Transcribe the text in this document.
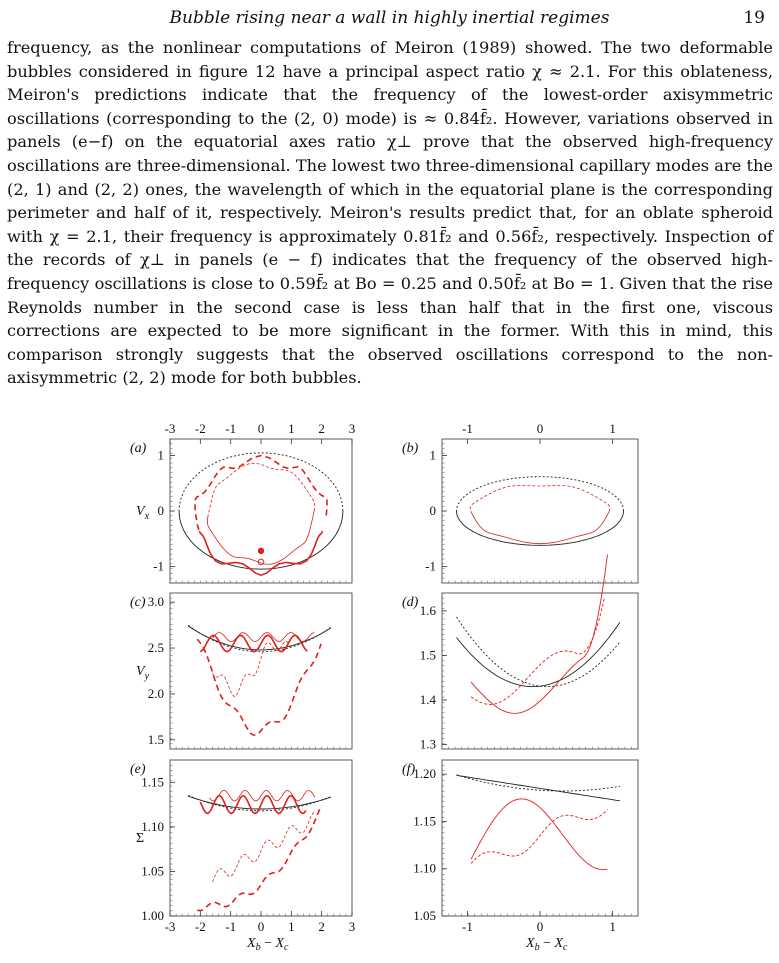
Bubble rising near a wall in highly inertial regimes	19

frequency, as the nonlinear computations of Meiron (1989) showed. The two deformable bubbles considered in figure 12 have a principal aspect ratio χ ≈ 2.1. For this oblateness, Meiron's predictions indicate that the frequency of the lowest-order axisymmetric oscillations (corresponding to the (2, 0) mode) is ≈ 0.84f̄₂. However, variations observed in panels (e−f) on the equatorial axes ratio χ⊥ prove that the observed high-frequency oscillations are three-dimensional. The lowest two three-dimensional capillary modes are the (2, 1) and (2, 2) ones, the wavelength of which in the equatorial plane is the corresponding perimeter and half of it, respectively. Meiron's results predict that, for an oblate spheroid with χ = 2.1, their frequency is approximately 0.81f̄₂ and 0.56f̄₂, respectively. Inspection of the records of χ⊥ in panels (e − f) indicates that the frequency of the observed high-frequency oscillations is close to 0.59f̄₂ at Bo = 0.25 and 0.50f̄₂ at Bo = 1. Given that the rise Reynolds number in the second case is less than half that in the first one, viscous corrections are expected to be more significant in the former. With this in mind, this comparison strongly suggests that the observed oscillations correspond to the non-axisymmetric (2, 2) mode for both bubbles.

(a) 1
0
-1
-3 -2 -1 0 1 2 3
$V_x$
(b) 1
0
-1
-1	0	1
(c) 3.0
2.5
2.0
1.5
$V_y$
(d)
1.6
1.5
1.4
1.3
(e)
1.15
1.10
1.05
1.00
-3 -2 -1 0 1 2 3
Σ
$X_b - X_c$
(f)
1.20
1.15
1.10
1.05
-1	0	1
$X_b - X_c$
